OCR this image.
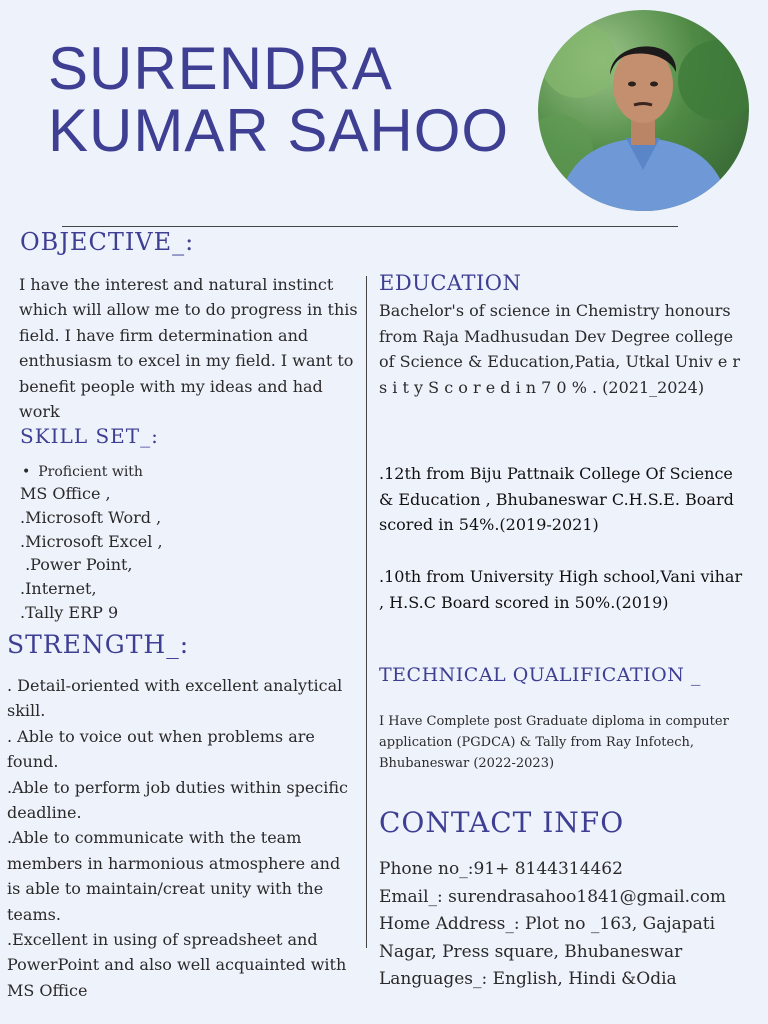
SURENDRA
KUMAR SAHOO
OBJECTIVE_:

I have the interest and natural instinct which will allow me to do progress in this field. I have firm determination and enthusiasm to excel in my field. I want to benefit people with my ideas and had work

SKILL SET_:
• Proficient with
MS Office ,
.Microsoft Word ,
.Microsoft Excel ,
.Power Point,
.Internet,
.Tally ERP 9
STRENGTH_:
. Detail-oriented with excellent analytical skill.
. Able to voice out when problems are found.
.Able to perform job duties within specific deadline.
.Able to communicate with the team members in harmonious atmosphere and is able to maintain/creat unity with the teams.
.Excellent in using of spreadsheet and PowerPoint and also well acquainted with MS Office
EDUCATION

Bachelor's of science in Chemistry honours from Raja Madhusudan Dev Degree college of Science & Education,Patia, Utkal Univ e r s i t y S c o r e d i n 7 0 % . (2021_2024)

.12th from Biju Pattnaik College Of Science & Education , Bhubaneswar C.H.S.E. Board scored in 54%.(2019-2021)

.10th from University High school,Vani vihar , H.S.C Board scored in 50%.(2019)

TECHNICAL QUALIFICATION _

I Have Complete post Graduate diploma in computer application (PGDCA) & Tally from Ray Infotech, Bhubaneswar (2022-2023)

CONTACT INFO
Phone no_:91+ 8144314462
Email_: surendrasahoo1841@gmail.com
Home Address_: Plot no _163, Gajapati
Nagar, Press square, Bhubaneswar
Languages_: English, Hindi &Odia
